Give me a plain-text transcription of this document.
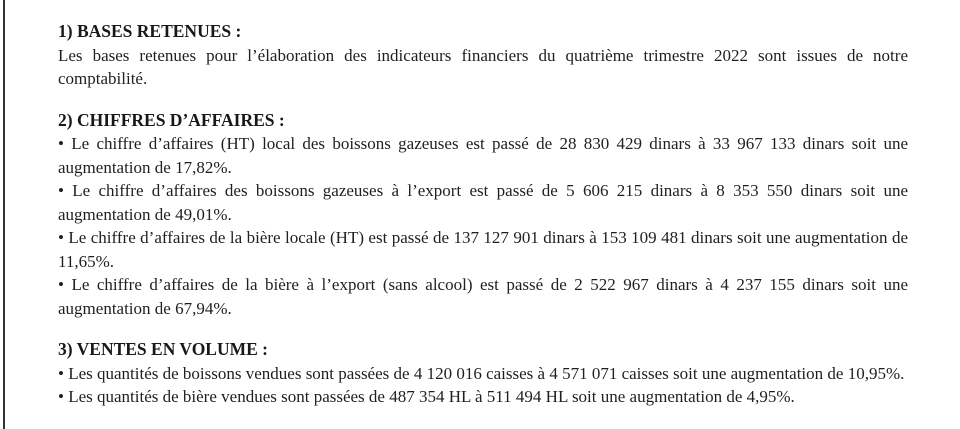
1) BASES RETENUES :

Les bases retenues pour l’élaboration des indicateurs financiers du quatrième trimestre 2022 sont issues de notre comptabilité.

2) CHIFFRES D’AFFAIRES :

• Le chiffre d’affaires (HT) local des boissons gazeuses est passé de 28 830 429 dinars à 33 967 133 dinars soit une augmentation de 17,82%.

• Le chiffre d’affaires des boissons gazeuses à l’export est passé de 5 606 215 dinars à 8 353 550 dinars soit une augmentation de 49,01%.

• Le chiffre d’affaires de la bière locale (HT) est passé de 137 127 901 dinars à 153 109 481 dinars soit une augmentation de 11,65%.

• Le chiffre d’affaires de la bière à l’export (sans alcool) est passé de 2 522 967 dinars à 4 237 155 dinars soit une augmentation de 67,94%.

3) VENTES EN VOLUME :

• Les quantités de boissons vendues sont passées de 4 120 016 caisses à 4 571 071 caisses soit une augmentation de 10,95%.

• Les quantités de bière vendues sont passées de 487 354 HL à 511 494 HL soit une augmentation de 4,95%.
